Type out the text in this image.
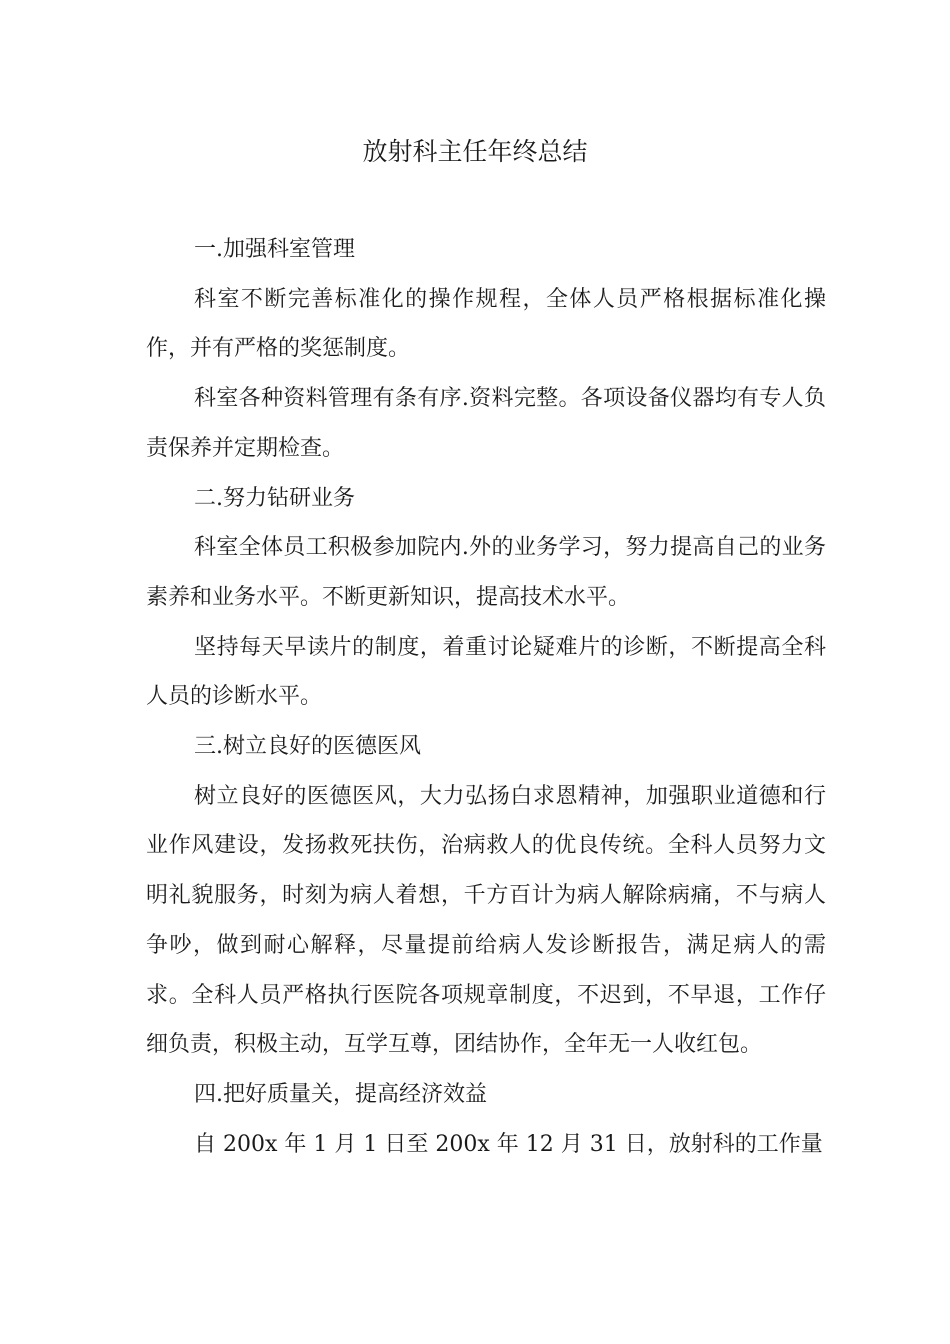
放射科主任年终总结

一.加强科室管理

科室不断完善标准化的操作规程，全体人员严格根据标准化操作，并有严格的奖惩制度。

科室各种资料管理有条有序.资料完整。各项设备仪器均有专人负责保养并定期检查。

二.努力钻研业务

科室全体员工积极参加院内.外的业务学习，努力提高自己的业务素养和业务水平。不断更新知识，提高技术水平。

坚持每天早读片的制度，着重讨论疑难片的诊断，不断提高全科人员的诊断水平。

三.树立良好的医德医风

树立良好的医德医风，大力弘扬白求恩精神，加强职业道德和行业作风建设，发扬救死扶伤，治病救人的优良传统。全科人员努力文明礼貌服务，时刻为病人着想，千方百计为病人解除病痛，不与病人争吵，做到耐心解释，尽量提前给病人发诊断报告，满足病人的需求。全科人员严格执行医院各项规章制度，不迟到，不早退，工作仔细负责，积极主动，互学互尊，团结协作，全年无一人收红包。

四.把好质量关，提高经济效益

自 200x 年 1 月 1 日至 200x 年 12 月 31 日，放射科的工作量
